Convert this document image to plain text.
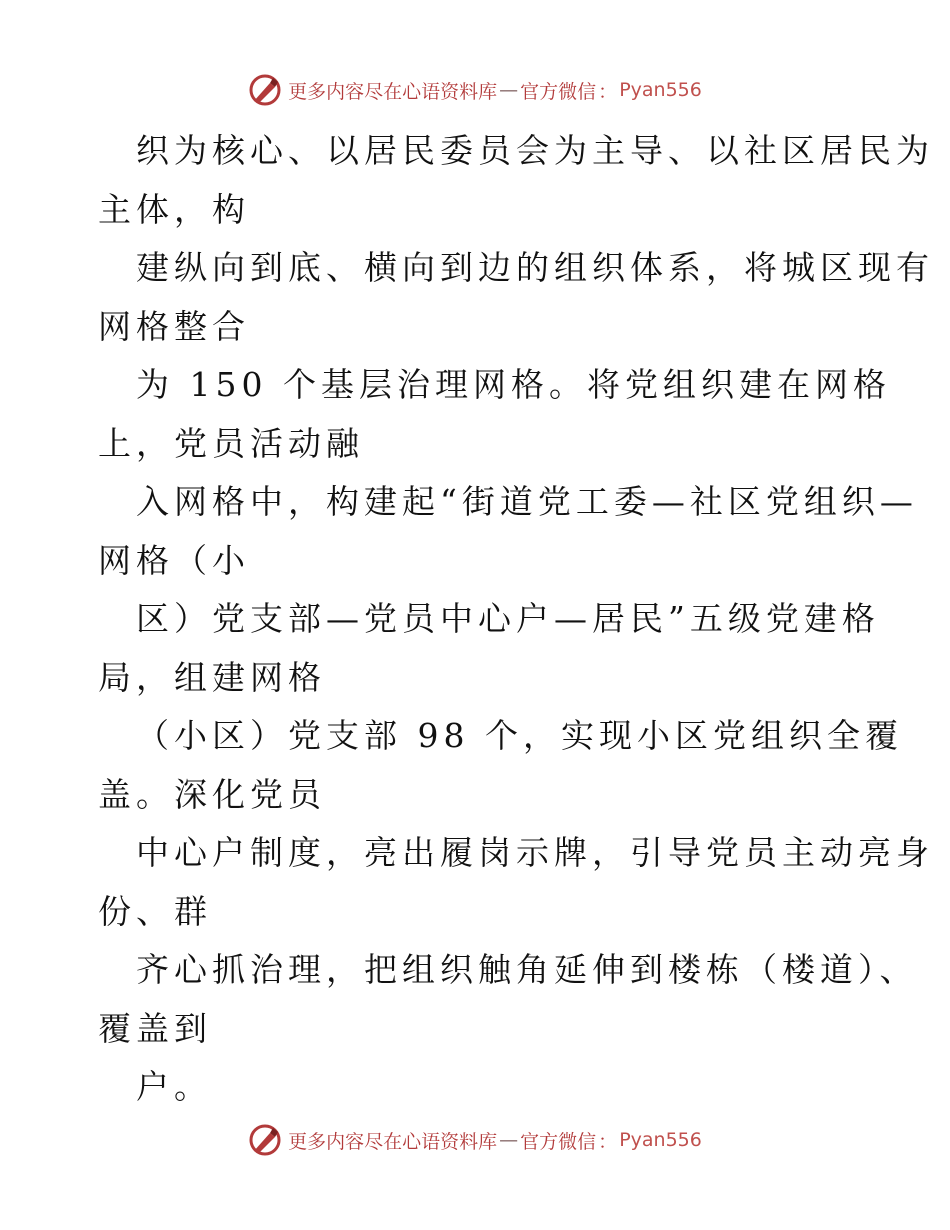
更多内容尽在心语资料库 — 官方微信 ： Pyan556
织为核心、以居民委员会为主导、以社区居民为
主体，构
建纵向到底、横向到边的组织体系，将城区现有
网格整合
为 150 个基层治理网格。将党组织建在网格
上，党员活动融
入网格中，构建起“街道党工委—社区党组织—
网格（小
区）党支部—党员中心户—居民”五级党建格
局，组建网格
（小区）党支部 98 个，实现小区党组织全覆
盖。深化党员
中心户制度，亮出履岗示牌，引导党员主动亮身
份、群
齐心抓治理，把组织触角延伸到楼栋（楼道）、
覆盖到
户。
更多内容尽在心语资料库 — 官方微信 ： Pyan556
